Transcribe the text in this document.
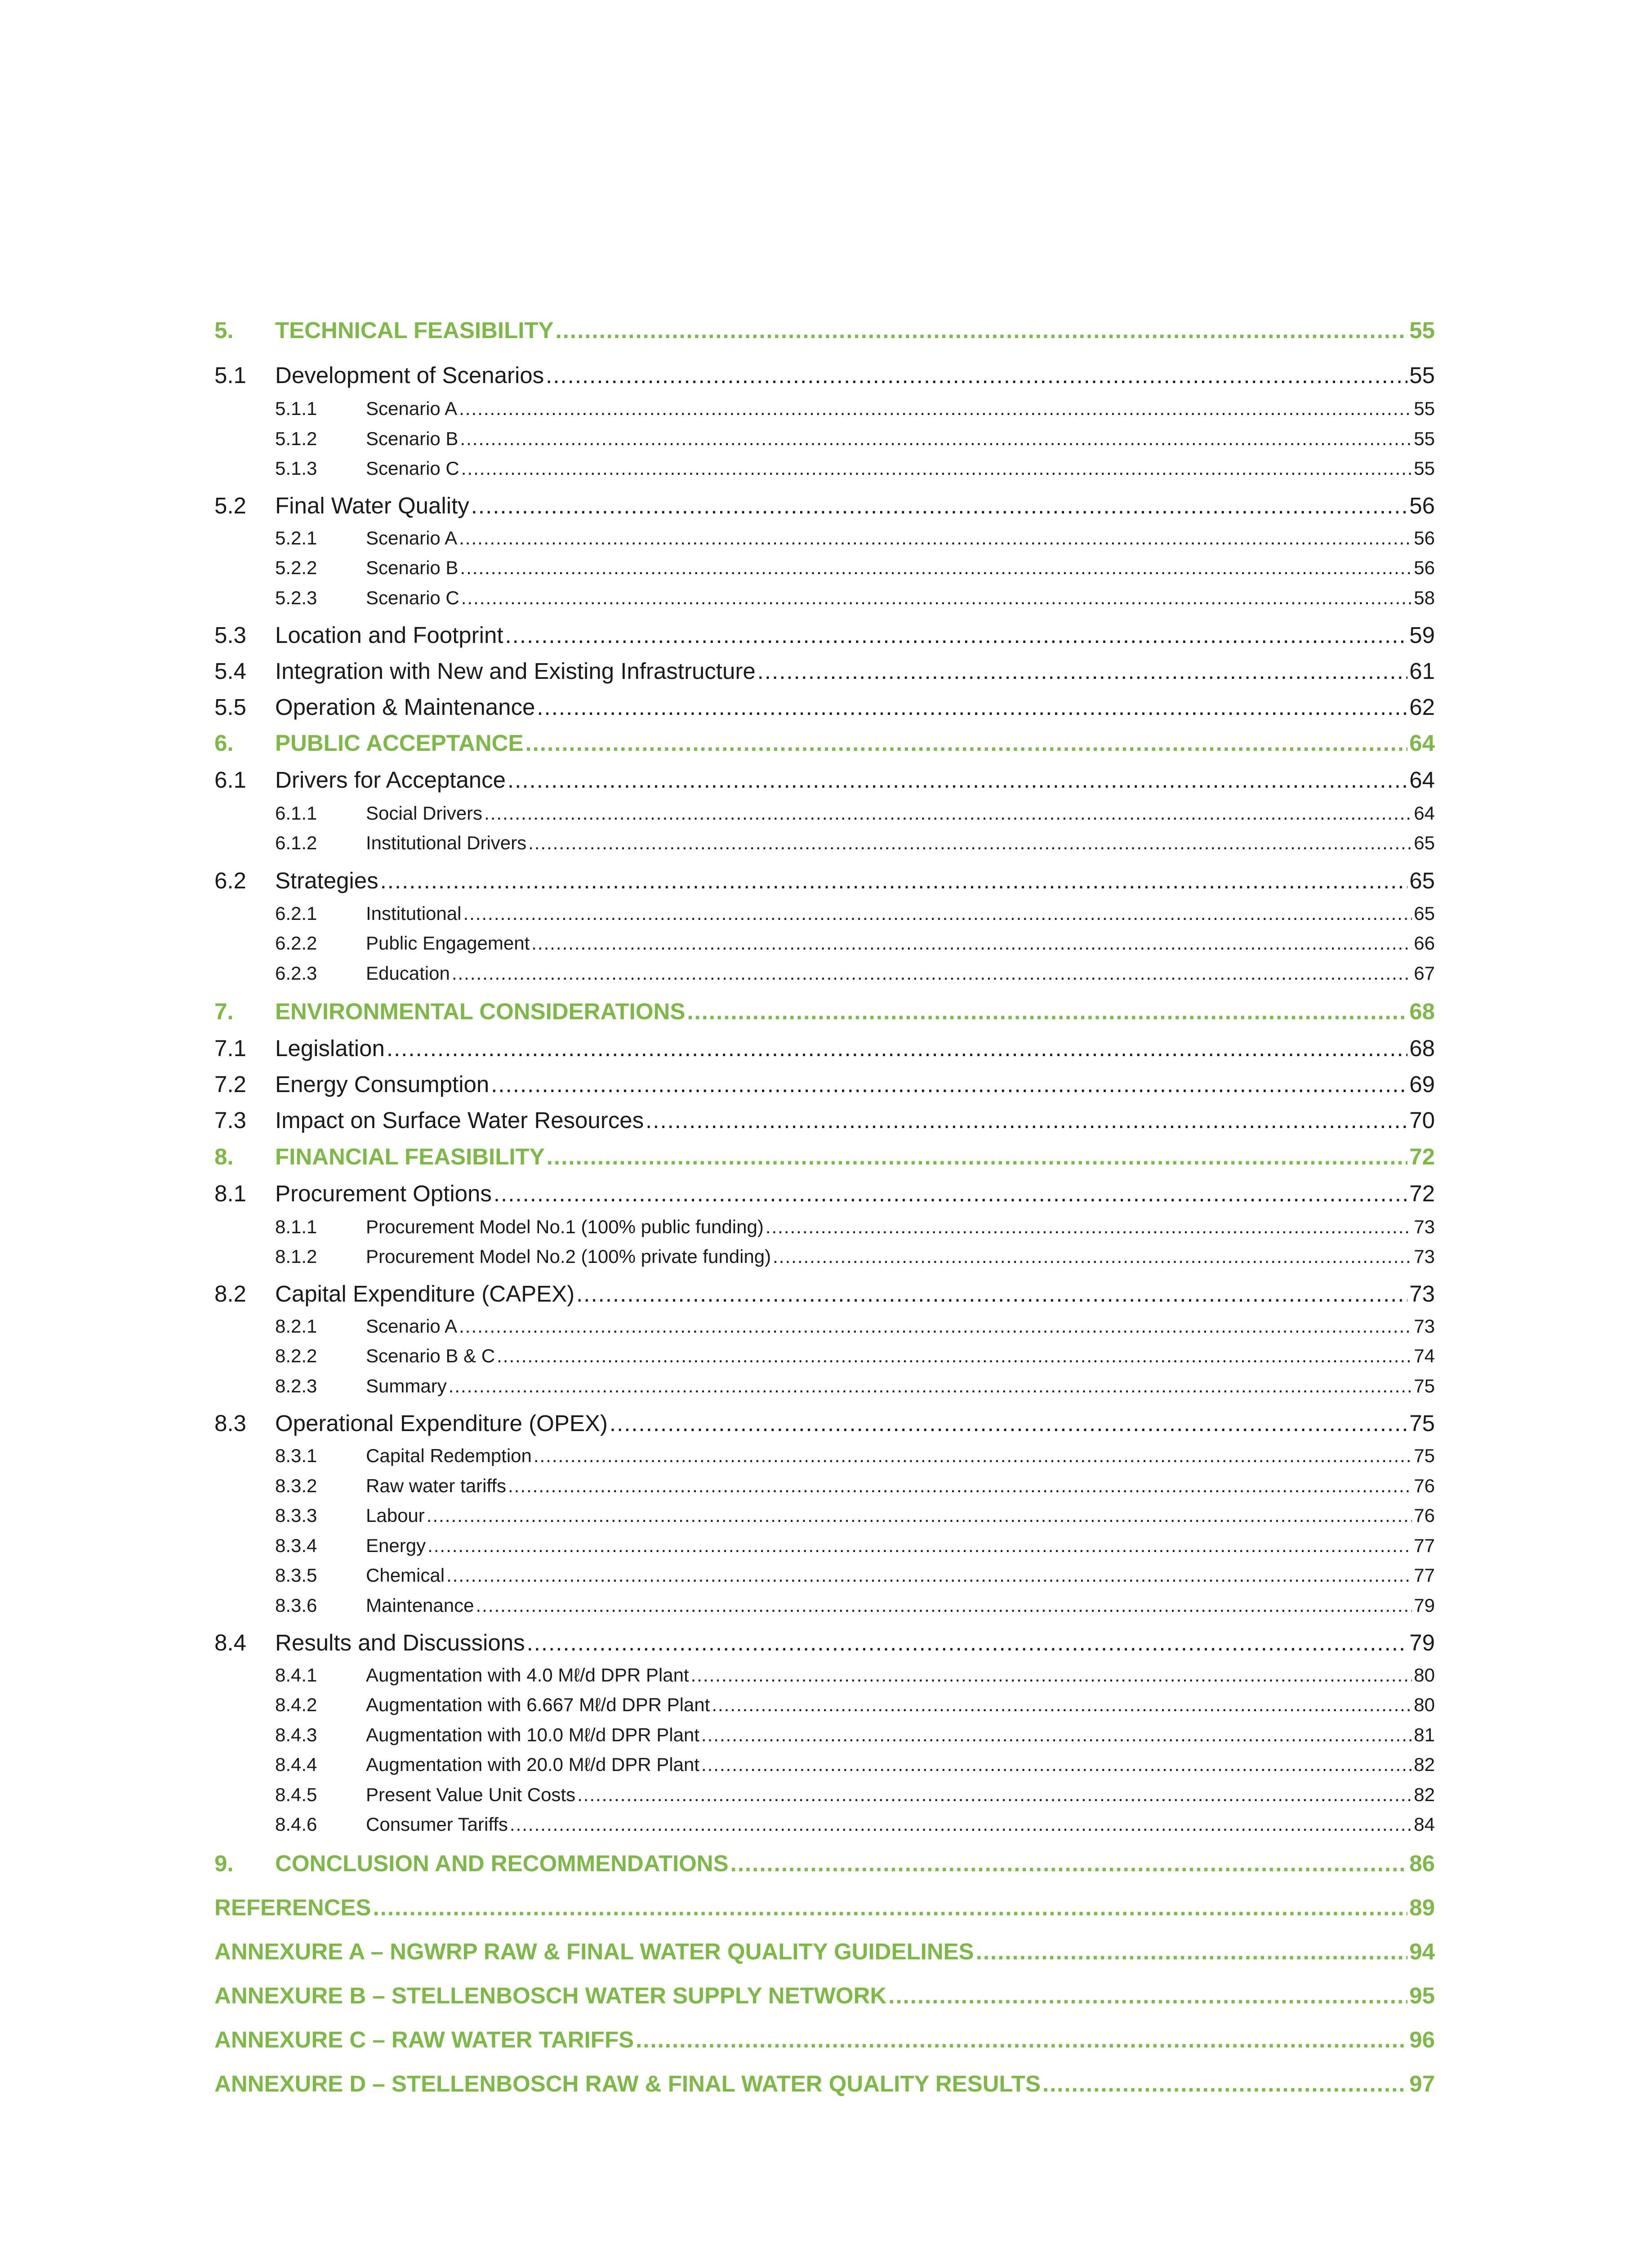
5.	TECHNICAL FEASIBILITY .....	55
5.1	Development of Scenarios .....	55
5.1.1	Scenario A .....	55
5.1.2	Scenario B .....	55
5.1.3	Scenario C .....	55
5.2	Final Water Quality .....	56
5.2.1	Scenario A .....	56
5.2.2	Scenario B .....	56
5.2.3	Scenario C .....	58
5.3	Location and Footprint .....	59
5.4	Integration with New and Existing Infrastructure .....	61
5.5	Operation & Maintenance .....	62
6.	PUBLIC ACCEPTANCE .....	64
6.1	Drivers for Acceptance .....	64
6.1.1	Social Drivers .....	64
6.1.2	Institutional Drivers .....	65
6.2	Strategies .....	65
6.2.1	Institutional .....	65
6.2.2	Public Engagement .....	66
6.2.3	Education .....	67
7.	ENVIRONMENTAL CONSIDERATIONS .....	68
7.1	Legislation .....	68
7.2	Energy Consumption .....	69
7.3	Impact on Surface Water Resources .....	70
8.	FINANCIAL FEASIBILITY .....	72
8.1	Procurement Options .....	72
8.1.1	Procurement Model No.1 (100% public funding) .....	73
8.1.2	Procurement Model No.2 (100% private funding) .....	73
8.2	Capital Expenditure (CAPEX) .....	73
8.2.1	Scenario A .....	73
8.2.2	Scenario B & C .....	74
8.2.3	Summary .....	75
8.3	Operational Expenditure (OPEX) .....	75
8.3.1	Capital Redemption .....	75
8.3.2	Raw water tariffs .....	76
8.3.3	Labour .....	76
8.3.4	Energy .....	77
8.3.5	Chemical .....	77
8.3.6	Maintenance .....	79
8.4	Results and Discussions .....	79
8.4.1	Augmentation with 4.0 Mℓ/d DPR Plant .....	80
8.4.2	Augmentation with 6.667 Mℓ/d DPR Plant .....	80
8.4.3	Augmentation with 10.0 Mℓ/d DPR Plant .....	81
8.4.4	Augmentation with 20.0 Mℓ/d DPR Plant .....	82
8.4.5	Present Value Unit Costs .....	82
8.4.6	Consumer Tariffs .....	84
9.	CONCLUSION AND RECOMMENDATIONS .....	86
REFERENCES .....	89
ANNEXURE A – NGWRP RAW & FINAL WATER QUALITY GUIDELINES .....	94
ANNEXURE B – STELLENBOSCH WATER SUPPLY NETWORK .....	95
ANNEXURE C – RAW WATER TARIFFS .....	96
ANNEXURE D – STELLENBOSCH RAW & FINAL WATER QUALITY RESULTS .....	97
